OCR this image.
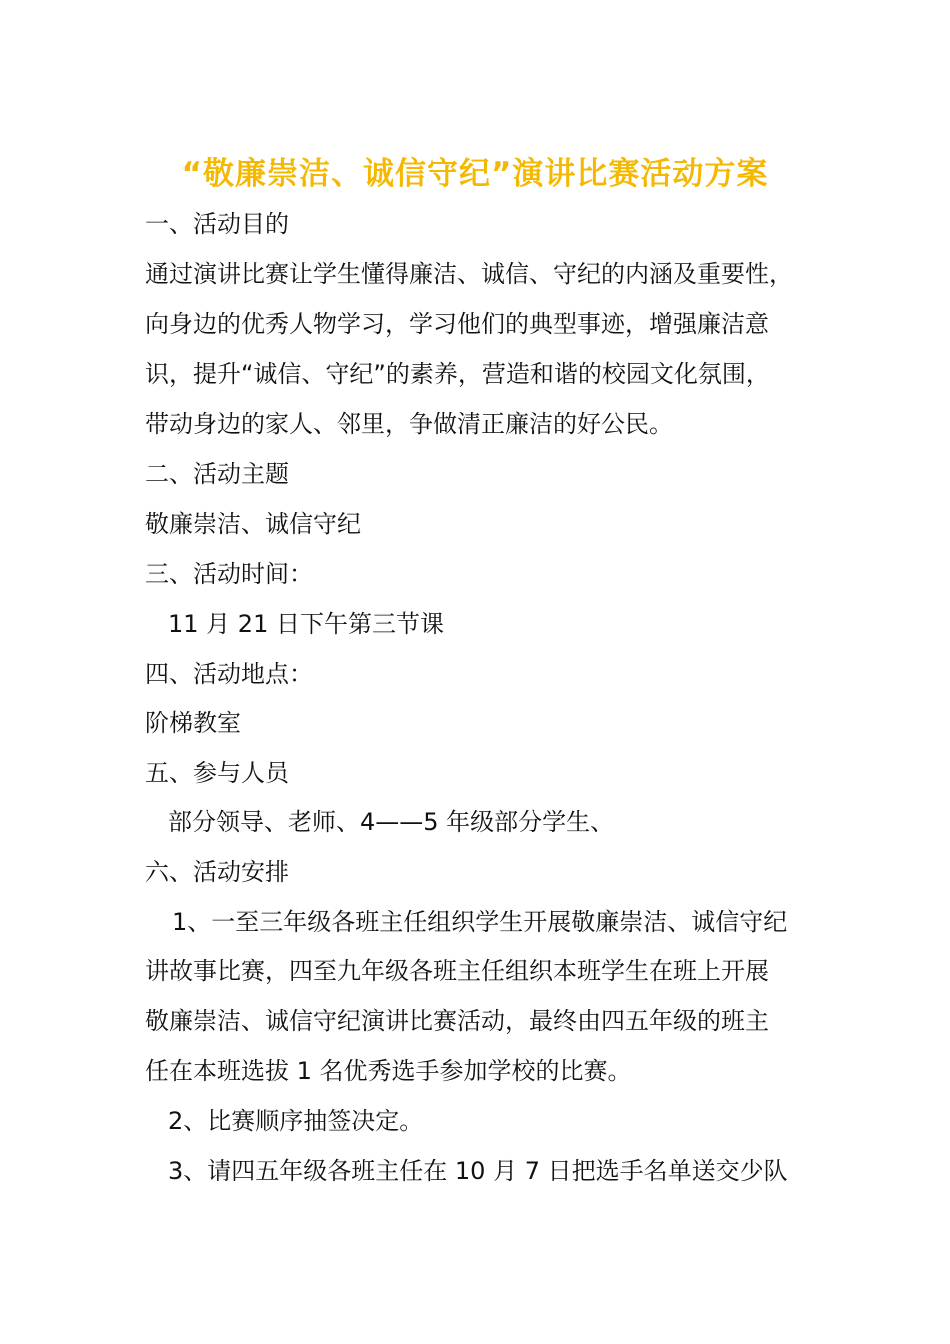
“敬廉崇洁、诚信守纪”演讲比赛活动方案
一、活动目的
通过演讲比赛让学生懂得廉洁、诚信、守纪的内涵及重要性，
向身边的优秀人物学习，学习他们的典型事迹，增强廉洁意
识，提升“诚信、守纪”的素养，营造和谐的校园文化氛围，
带动身边的家人、邻里，争做清正廉洁的好公民。
二、活动主题
敬廉崇洁、诚信守纪
三、活动时间：
11 月 21 日下午第三节课
四、活动地点：
阶梯教室
五、参与人员
部分领导、老师、4——5 年级部分学生、
六、活动安排
1、一至三年级各班主任组织学生开展敬廉崇洁、诚信守纪
讲故事比赛，四至九年级各班主任组织本班学生在班上开展
敬廉崇洁、诚信守纪演讲比赛活动，最终由四五年级的班主
任在本班选拔 1 名优秀选手参加学校的比赛。
2、比赛顺序抽签决定。
3、请四五年级各班主任在 10 月 7 日把选手名单送交少队
